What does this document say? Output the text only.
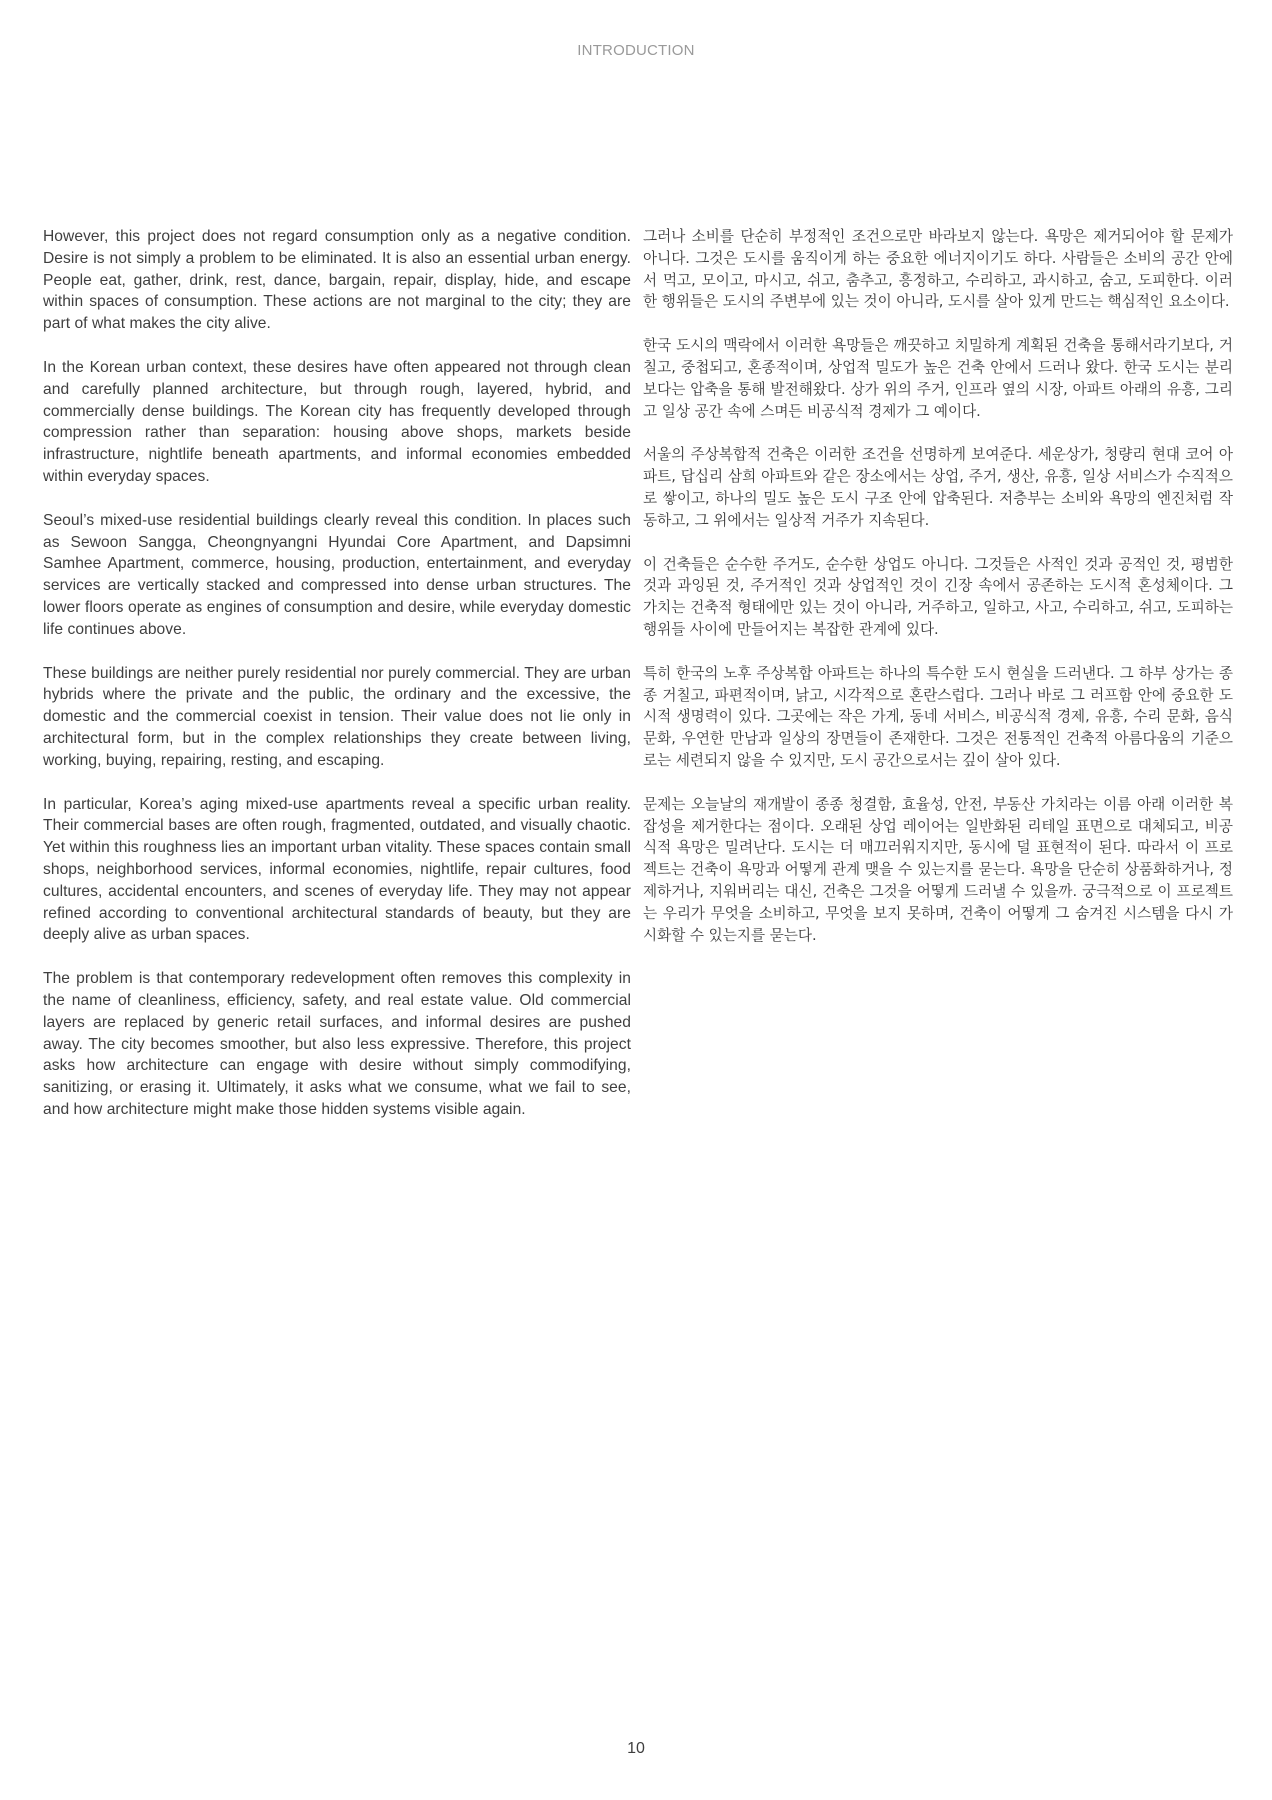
INTRODUCTION

However, this project does not regard consumption only as a negative condition. Desire is not simply a problem to be eliminated. It is also an essential urban energy. People eat, gather, drink, rest, dance, bargain, repair, display, hide, and escape within spaces of consumption. These actions are not marginal to the city; they are part of what makes the city alive.

In the Korean urban context, these desires have often appeared not through clean and carefully planned architecture, but through rough, layered, hybrid, and commercially dense buildings. The Korean city has frequently developed through compression rather than separation: housing above shops, markets beside infrastructure, nightlife beneath apartments, and informal economies embedded within everyday spaces.

Seoul’s mixed-use residential buildings clearly reveal this condition. In places such as Sewoon Sangga, Cheongnyangni Hyundai Core Apartment, and Dapsimni Samhee Apartment, commerce, housing, production, entertainment, and everyday services are vertically stacked and compressed into dense urban structures. The lower floors operate as engines of consumption and desire, while everyday domestic life continues above.

These buildings are neither purely residential nor purely commercial. They are urban hybrids where the private and the public, the ordinary and the excessive, the domestic and the commercial coexist in tension. Their value does not lie only in architectural form, but in the complex relationships they create between living, working, buying, repairing, resting, and escaping.

In particular, Korea’s aging mixed-use apartments reveal a specific urban reality. Their commercial bases are often rough, fragmented, outdated, and visually chaotic. Yet within this roughness lies an important urban vitality. These spaces contain small shops, neighborhood services, informal economies, nightlife, repair cultures, food cultures, accidental encounters, and scenes of everyday life. They may not appear refined according to conventional architectural standards of beauty, but they are deeply alive as urban spaces.

The problem is that contemporary redevelopment often removes this complexity in the name of cleanliness, efficiency, safety, and real estate value. Old commercial layers are replaced by generic retail surfaces, and informal desires are pushed away. The city becomes smoother, but also less expressive. Therefore, this project asks how architecture can engage with desire without simply commodifying, sanitizing, or erasing it. Ultimately, it asks what we consume, what we fail to see, and how architecture might make those hidden systems visible again.

그러나 소비를 단순히 부정적인 조건으로만 바라보지 않는다. 욕망은 제거되어야 할 문제가 아니다. 그것은 도시를 움직이게 하는 중요한 에너지이기도 하다. 사람들은 소비의 공간 안에서 먹고, 모이고, 마시고, 쉬고, 춤추고, 흥정하고, 수리하고, 과시하고, 숨고, 도피한다. 이러한 행위들은 도시의 주변부에 있는 것이 아니라, 도시를 살아 있게 만드는 핵심적인 요소이다.

한국 도시의 맥락에서 이러한 욕망들은 깨끗하고 치밀하게 계획된 건축을 통해서라기보다, 거칠고, 중첩되고, 혼종적이며, 상업적 밀도가 높은 건축 안에서 드러나 왔다. 한국 도시는 분리보다는 압축을 통해 발전해왔다. 상가 위의 주거, 인프라 옆의 시장, 아파트 아래의 유흥, 그리고 일상 공간 속에 스며든 비공식적 경제가 그 예이다.

서울의 주상복합적 건축은 이러한 조건을 선명하게 보여준다. 세운상가, 청량리 현대 코어 아파트, 답십리 삼희 아파트와 같은 장소에서는 상업, 주거, 생산, 유흥, 일상 서비스가 수직적으로 쌓이고, 하나의 밀도 높은 도시 구조 안에 압축된다. 저층부는 소비와 욕망의 엔진처럼 작동하고, 그 위에서는 일상적 거주가 지속된다.

이 건축들은 순수한 주거도, 순수한 상업도 아니다. 그것들은 사적인 것과 공적인 것, 평범한 것과 과잉된 것, 주거적인 것과 상업적인 것이 긴장 속에서 공존하는 도시적 혼성체이다. 그 가치는 건축적 형태에만 있는 것이 아니라, 거주하고, 일하고, 사고, 수리하고, 쉬고, 도피하는 행위들 사이에 만들어지는 복잡한 관계에 있다.

특히 한국의 노후 주상복합 아파트는 하나의 특수한 도시 현실을 드러낸다. 그 하부 상가는 종종 거칠고, 파편적이며, 낡고, 시각적으로 혼란스럽다. 그러나 바로 그 러프함 안에 중요한 도시적 생명력이 있다. 그곳에는 작은 가게, 동네 서비스, 비공식적 경제, 유흥, 수리 문화, 음식 문화, 우연한 만남과 일상의 장면들이 존재한다. 그것은 전통적인 건축적 아름다움의 기준으로는 세련되지 않을 수 있지만, 도시 공간으로서는 깊이 살아 있다.

문제는 오늘날의 재개발이 종종 청결함, 효율성, 안전, 부동산 가치라는 이름 아래 이러한 복잡성을 제거한다는 점이다. 오래된 상업 레이어는 일반화된 리테일 표면으로 대체되고, 비공식적 욕망은 밀려난다. 도시는 더 매끄러워지지만, 동시에 덜 표현적이 된다. 따라서 이 프로젝트는 건축이 욕망과 어떻게 관계 맺을 수 있는지를 묻는다. 욕망을 단순히 상품화하거나, 정제하거나, 지워버리는 대신, 건축은 그것을 어떻게 드러낼 수 있을까. 궁극적으로 이 프로젝트는 우리가 무엇을 소비하고, 무엇을 보지 못하며, 건축이 어떻게 그 숨겨진 시스템을 다시 가시화할 수 있는지를 묻는다.

10
